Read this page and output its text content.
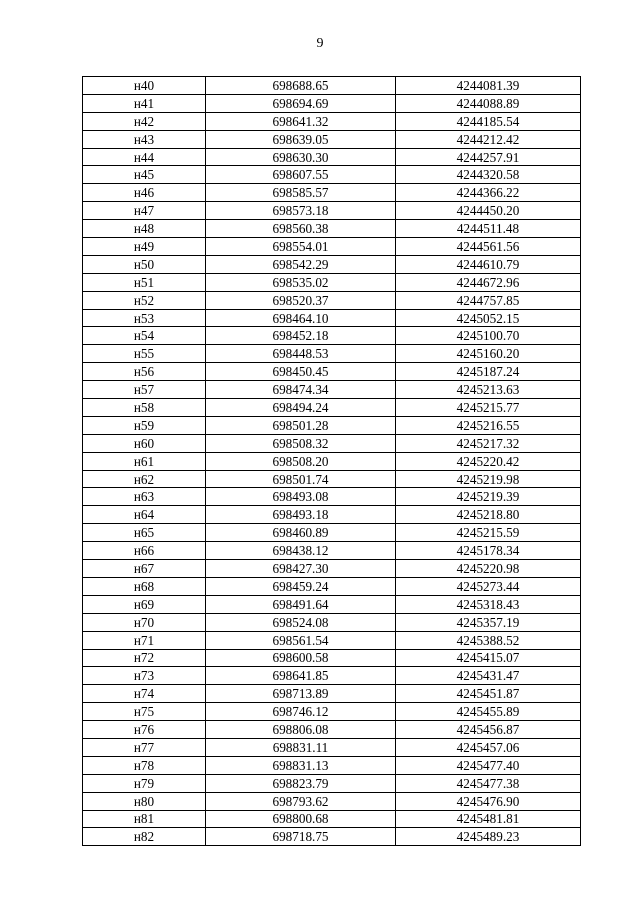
9
н40	698688.65	4244081.39
н41	698694.69	4244088.89
н42	698641.32	4244185.54
н43	698639.05	4244212.42
н44	698630.30	4244257.91
н45	698607.55	4244320.58
н46	698585.57	4244366.22
н47	698573.18	4244450.20
н48	698560.38	4244511.48
н49	698554.01	4244561.56
н50	698542.29	4244610.79
н51	698535.02	4244672.96
н52	698520.37	4244757.85
н53	698464.10	4245052.15
н54	698452.18	4245100.70
н55	698448.53	4245160.20
н56	698450.45	4245187.24
н57	698474.34	4245213.63
н58	698494.24	4245215.77
н59	698501.28	4245216.55
н60	698508.32	4245217.32
н61	698508.20	4245220.42
н62	698501.74	4245219.98
н63	698493.08	4245219.39
н64	698493.18	4245218.80
н65	698460.89	4245215.59
н66	698438.12	4245178.34
н67	698427.30	4245220.98
н68	698459.24	4245273.44
н69	698491.64	4245318.43
н70	698524.08	4245357.19
н71	698561.54	4245388.52
н72	698600.58	4245415.07
н73	698641.85	4245431.47
н74	698713.89	4245451.87
н75	698746.12	4245455.89
н76	698806.08	4245456.87
н77	698831.11	4245457.06
н78	698831.13	4245477.40
н79	698823.79	4245477.38
н80	698793.62	4245476.90
н81	698800.68	4245481.81
н82	698718.75	4245489.23
